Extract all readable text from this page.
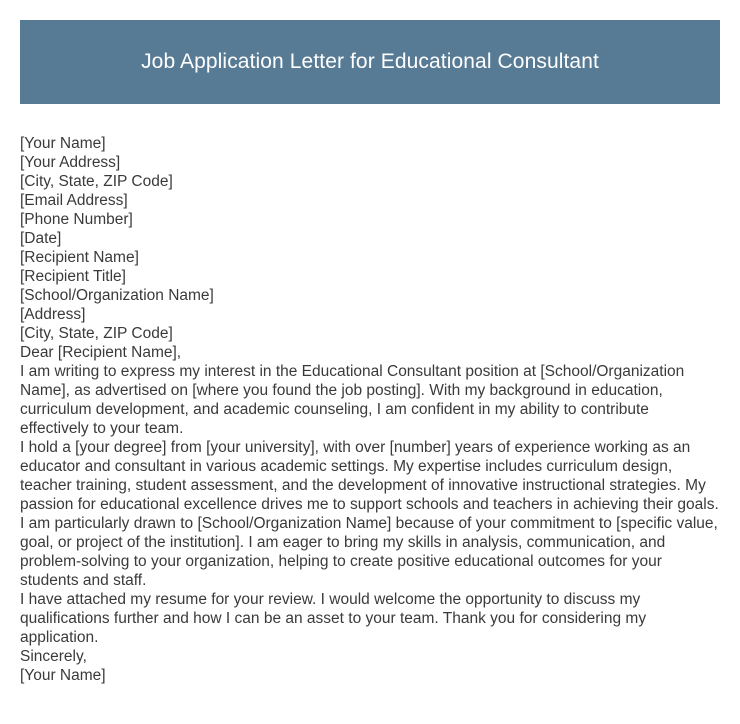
Job Application Letter for Educational Consultant
[Your Name]
[Your Address]
[City, State, ZIP Code]
[Email Address]
[Phone Number]
[Date]
[Recipient Name]
[Recipient Title]
[School/Organization Name]
[Address]
[City, State, ZIP Code]
Dear [Recipient Name],

I am writing to express my interest in the Educational Consultant position at [School/Organization Name], as advertised on [where you found the job posting]. With my background in education, curriculum development, and academic counseling, I am confident in my ability to contribute effectively to your team.

I hold a [your degree] from [your university], with over [number] years of experience working as an educator and consultant in various academic settings. My expertise includes curriculum design, teacher training, student assessment, and the development of innovative instructional strategies. My passion for educational excellence drives me to support schools and teachers in achieving their goals.

I am particularly drawn to [School/Organization Name] because of your commitment to [specific value, goal, or project of the institution]. I am eager to bring my skills in analysis, communication, and problem-solving to your organization, helping to create positive educational outcomes for your students and staff.

I have attached my resume for your review. I would welcome the opportunity to discuss my qualifications further and how I can be an asset to your team. Thank you for considering my application.

Sincerely,
[Your Name]
